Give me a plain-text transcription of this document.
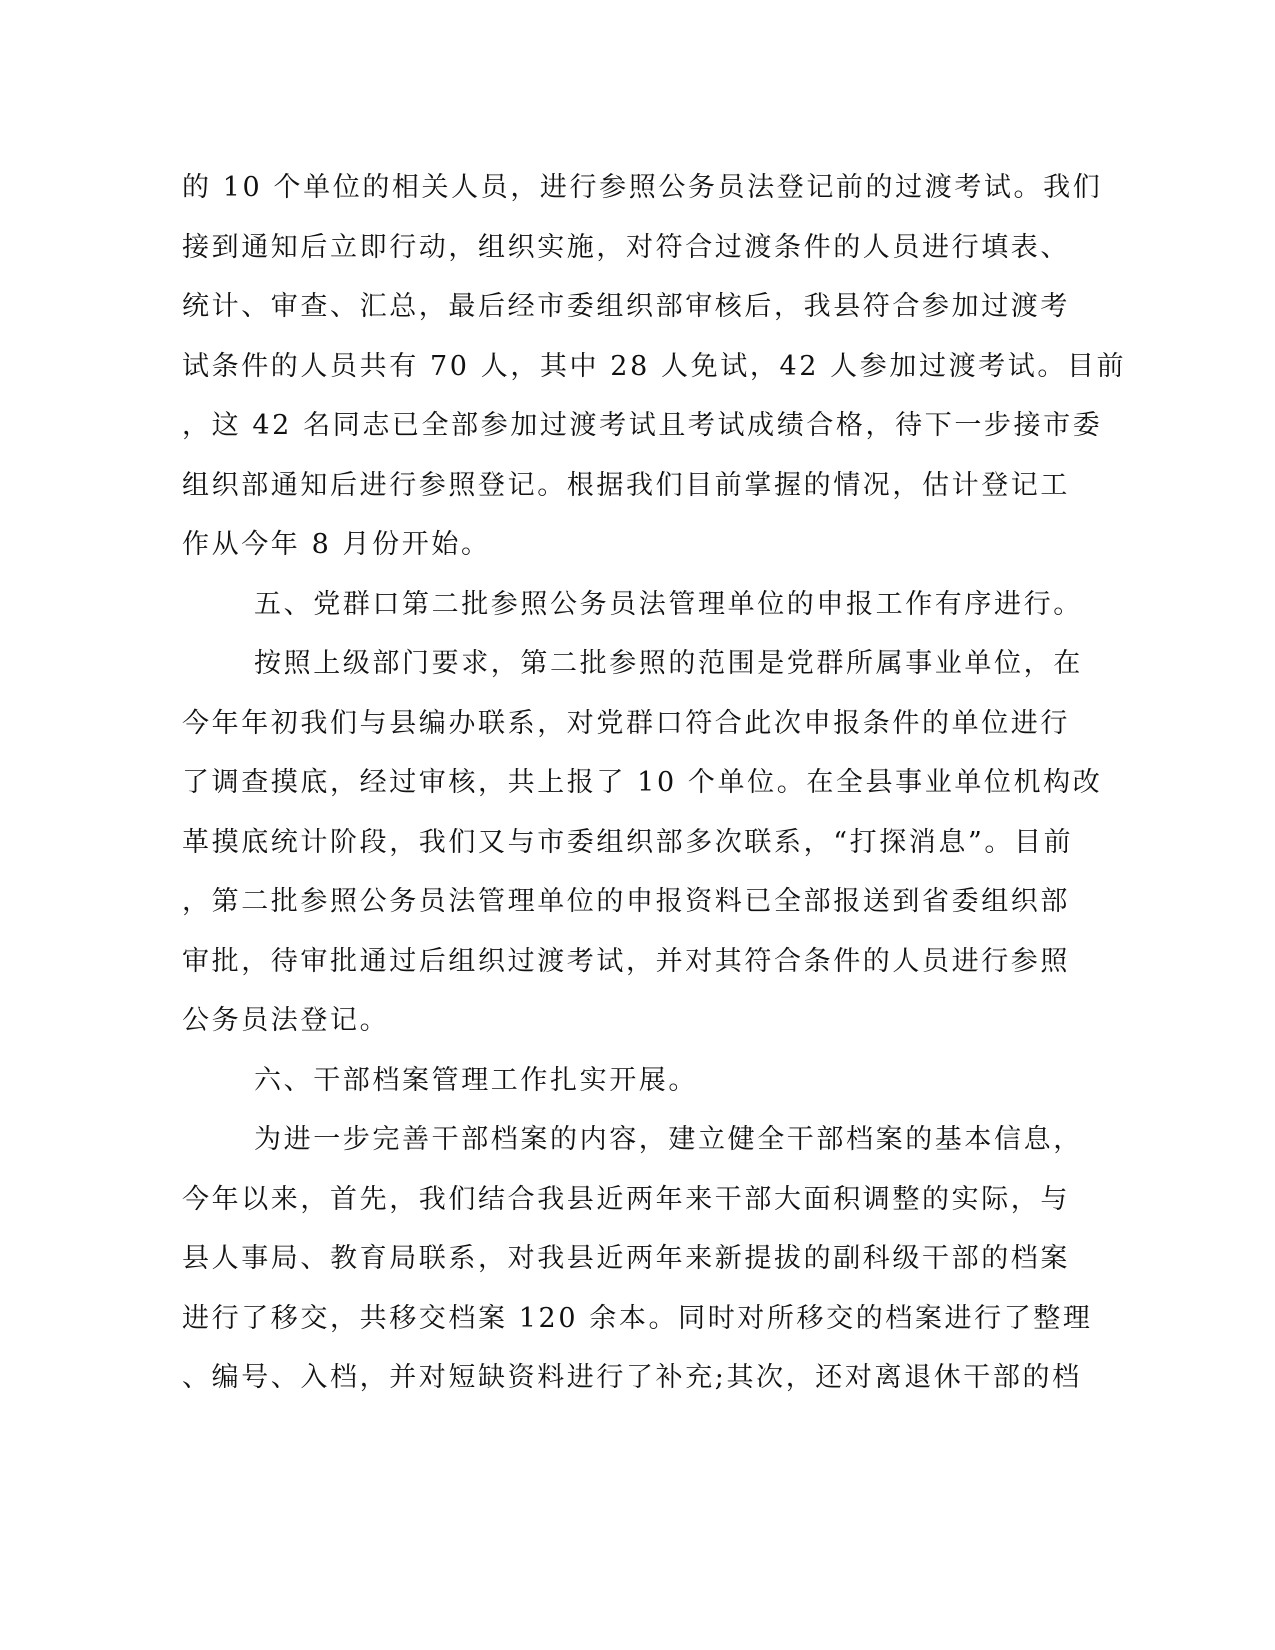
的 10 个单位的相关人员，进行参照公务员法登记前的过渡考试。我们
接到通知后立即行动，组织实施，对符合过渡条件的人员进行填表、
统计、审查、汇总，最后经市委组织部审核后，我县符合参加过渡考
试条件的人员共有 70 人，其中 28 人免试，42 人参加过渡考试。目前
，这 42 名同志已全部参加过渡考试且考试成绩合格，待下一步接市委
组织部通知后进行参照登记。根据我们目前掌握的情况，估计登记工
作从今年 8 月份开始。
五、党群口第二批参照公务员法管理单位的申报工作有序进行。
按照上级部门要求，第二批参照的范围是党群所属事业单位，在
今年年初我们与县编办联系，对党群口符合此次申报条件的单位进行
了调查摸底，经过审核，共上报了 10 个单位。在全县事业单位机构改
革摸底统计阶段，我们又与市委组织部多次联系，“打探消息”。目前
，第二批参照公务员法管理单位的申报资料已全部报送到省委组织部
审批，待审批通过后组织过渡考试，并对其符合条件的人员进行参照
公务员法登记。
六、干部档案管理工作扎实开展。
为进一步完善干部档案的内容，建立健全干部档案的基本信息，
今年以来，首先，我们结合我县近两年来干部大面积调整的实际，与
县人事局、教育局联系，对我县近两年来新提拔的副科级干部的档案
进行了移交，共移交档案 120 余本。同时对所移交的档案进行了整理
、编号、入档，并对短缺资料进行了补充;其次，还对离退休干部的档
